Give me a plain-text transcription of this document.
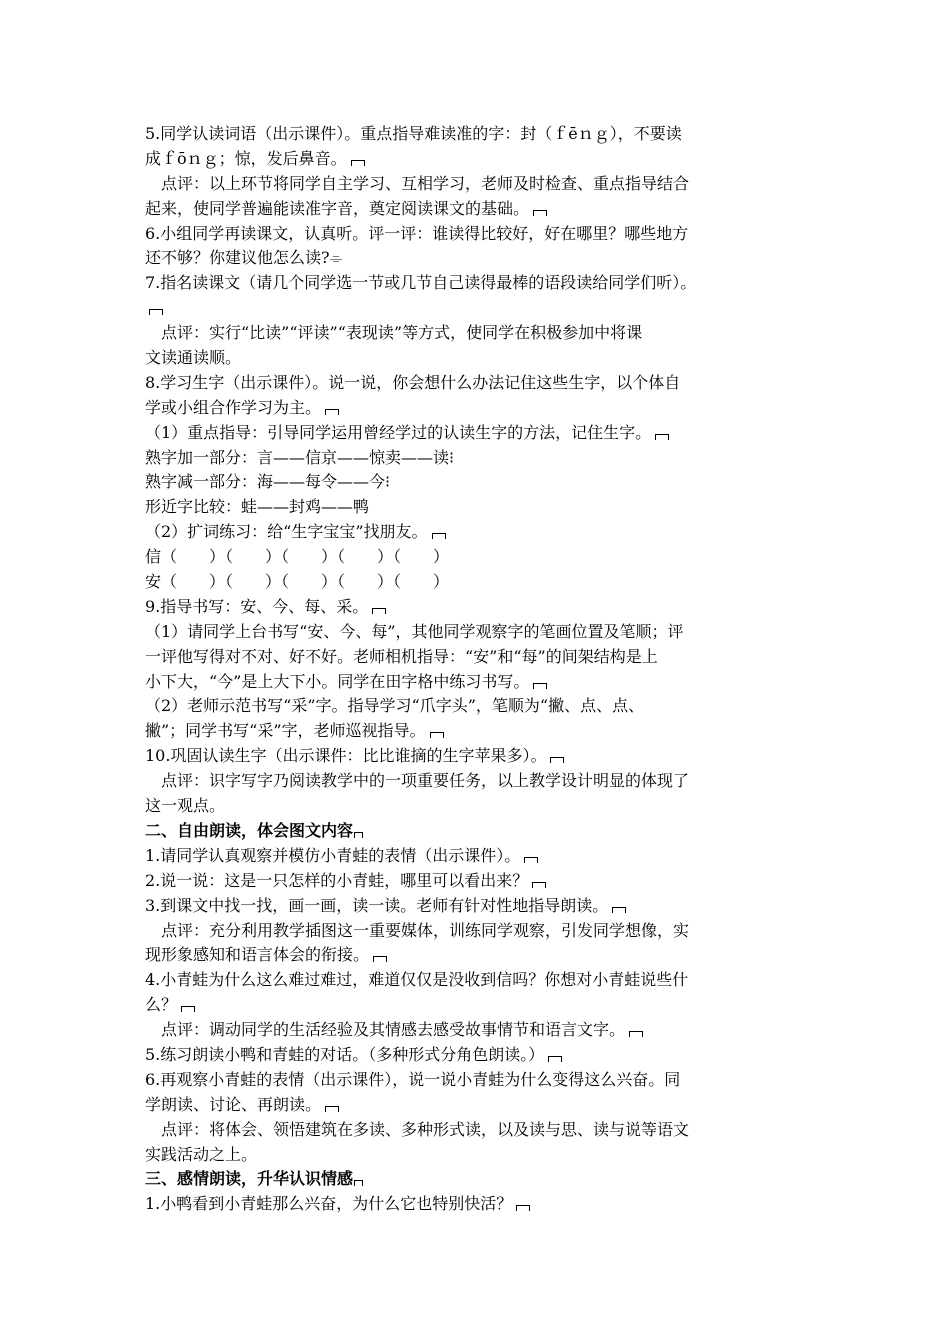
5.同学认读词语（出示课件）。重点指导难读准的字：封（ｆēｎｇ），不要读
成ｆōｎｇ；惊，发后鼻音。
点评：以上环节将同学自主学习、互相学习，老师及时检查、重点指导结合
起来，使同学普遍能读准字音，奠定阅读课文的基础。
6.小组同学再读课文，认真听。评一评：谁读得比较好，好在哪里？哪些地方
还不够？你建议他怎么读?⌯
7.指名读课文（请几个同学选一节或几节自己读得最棒的语段读给同学们听）。
点评：实行“比读”“评读”“表现读”等方式，使同学在积极参加中将课
文读通读顺。
8.学习生字（出示课件）。说一说，你会想什么办法记住这些生字，以个体自
学或小组合作学习为主。
（1）重点指导：引导同学运用曾经学过的认读生字的方法，记住生字。
熟字加一部分：言——信京——惊卖——读⁝
熟字减一部分：海——每令——今⁝
形近字比较：蛙——封鸡——鸭
（2）扩词练习：给“生字宝宝”找朋友。
信（　　）（　　）（　　）（　　）（　　）
安（　　）（　　）（　　）（　　）（　　）
9.指导书写：安、今、每、采。
（1）请同学上台书写“安、今、每”，其他同学观察字的笔画位置及笔顺；评
一评他写得对不对、好不好。老师相机指导：“安”和“每”的间架结构是上
小下大，“今”是上大下小。同学在田字格中练习书写。
（2）老师示范书写“采”字。指导学习“爪字头”，笔顺为“撇、点、点、
撇”；同学书写“采”字，老师巡视指导。
10.巩固认读生字（出示课件：比比谁摘的生字苹果多）。
点评：识字写字乃阅读教学中的一项重要任务，以上教学设计明显的体现了
这一观点。
二、自由朗读，体会图文内容
1.请同学认真观察并模仿小青蛙的表情（出示课件）。
2.说一说：这是一只怎样的小青蛙，哪里可以看出来？
3.到课文中找一找，画一画，读一读。老师有针对性地指导朗读。
点评：充分利用教学插图这一重要媒体，训练同学观察，引发同学想像，实
现形象感知和语言体会的衔接。
4.小青蛙为什么这么难过难过，难道仅仅是没收到信吗？你想对小青蛙说些什
么？
点评：调动同学的生活经验及其情感去感受故事情节和语言文字。
5.练习朗读小鸭和青蛙的对话。（多种形式分角色朗读。）
6.再观察小青蛙的表情（出示课件），说一说小青蛙为什么变得这么兴奋。同
学朗读、讨论、再朗读。
点评：将体会、领悟建筑在多读、多种形式读，以及读与思、读与说等语文
实践活动之上。
三、感情朗读，升华认识情感
1.小鸭看到小青蛙那么兴奋，为什么它也特别快活？
